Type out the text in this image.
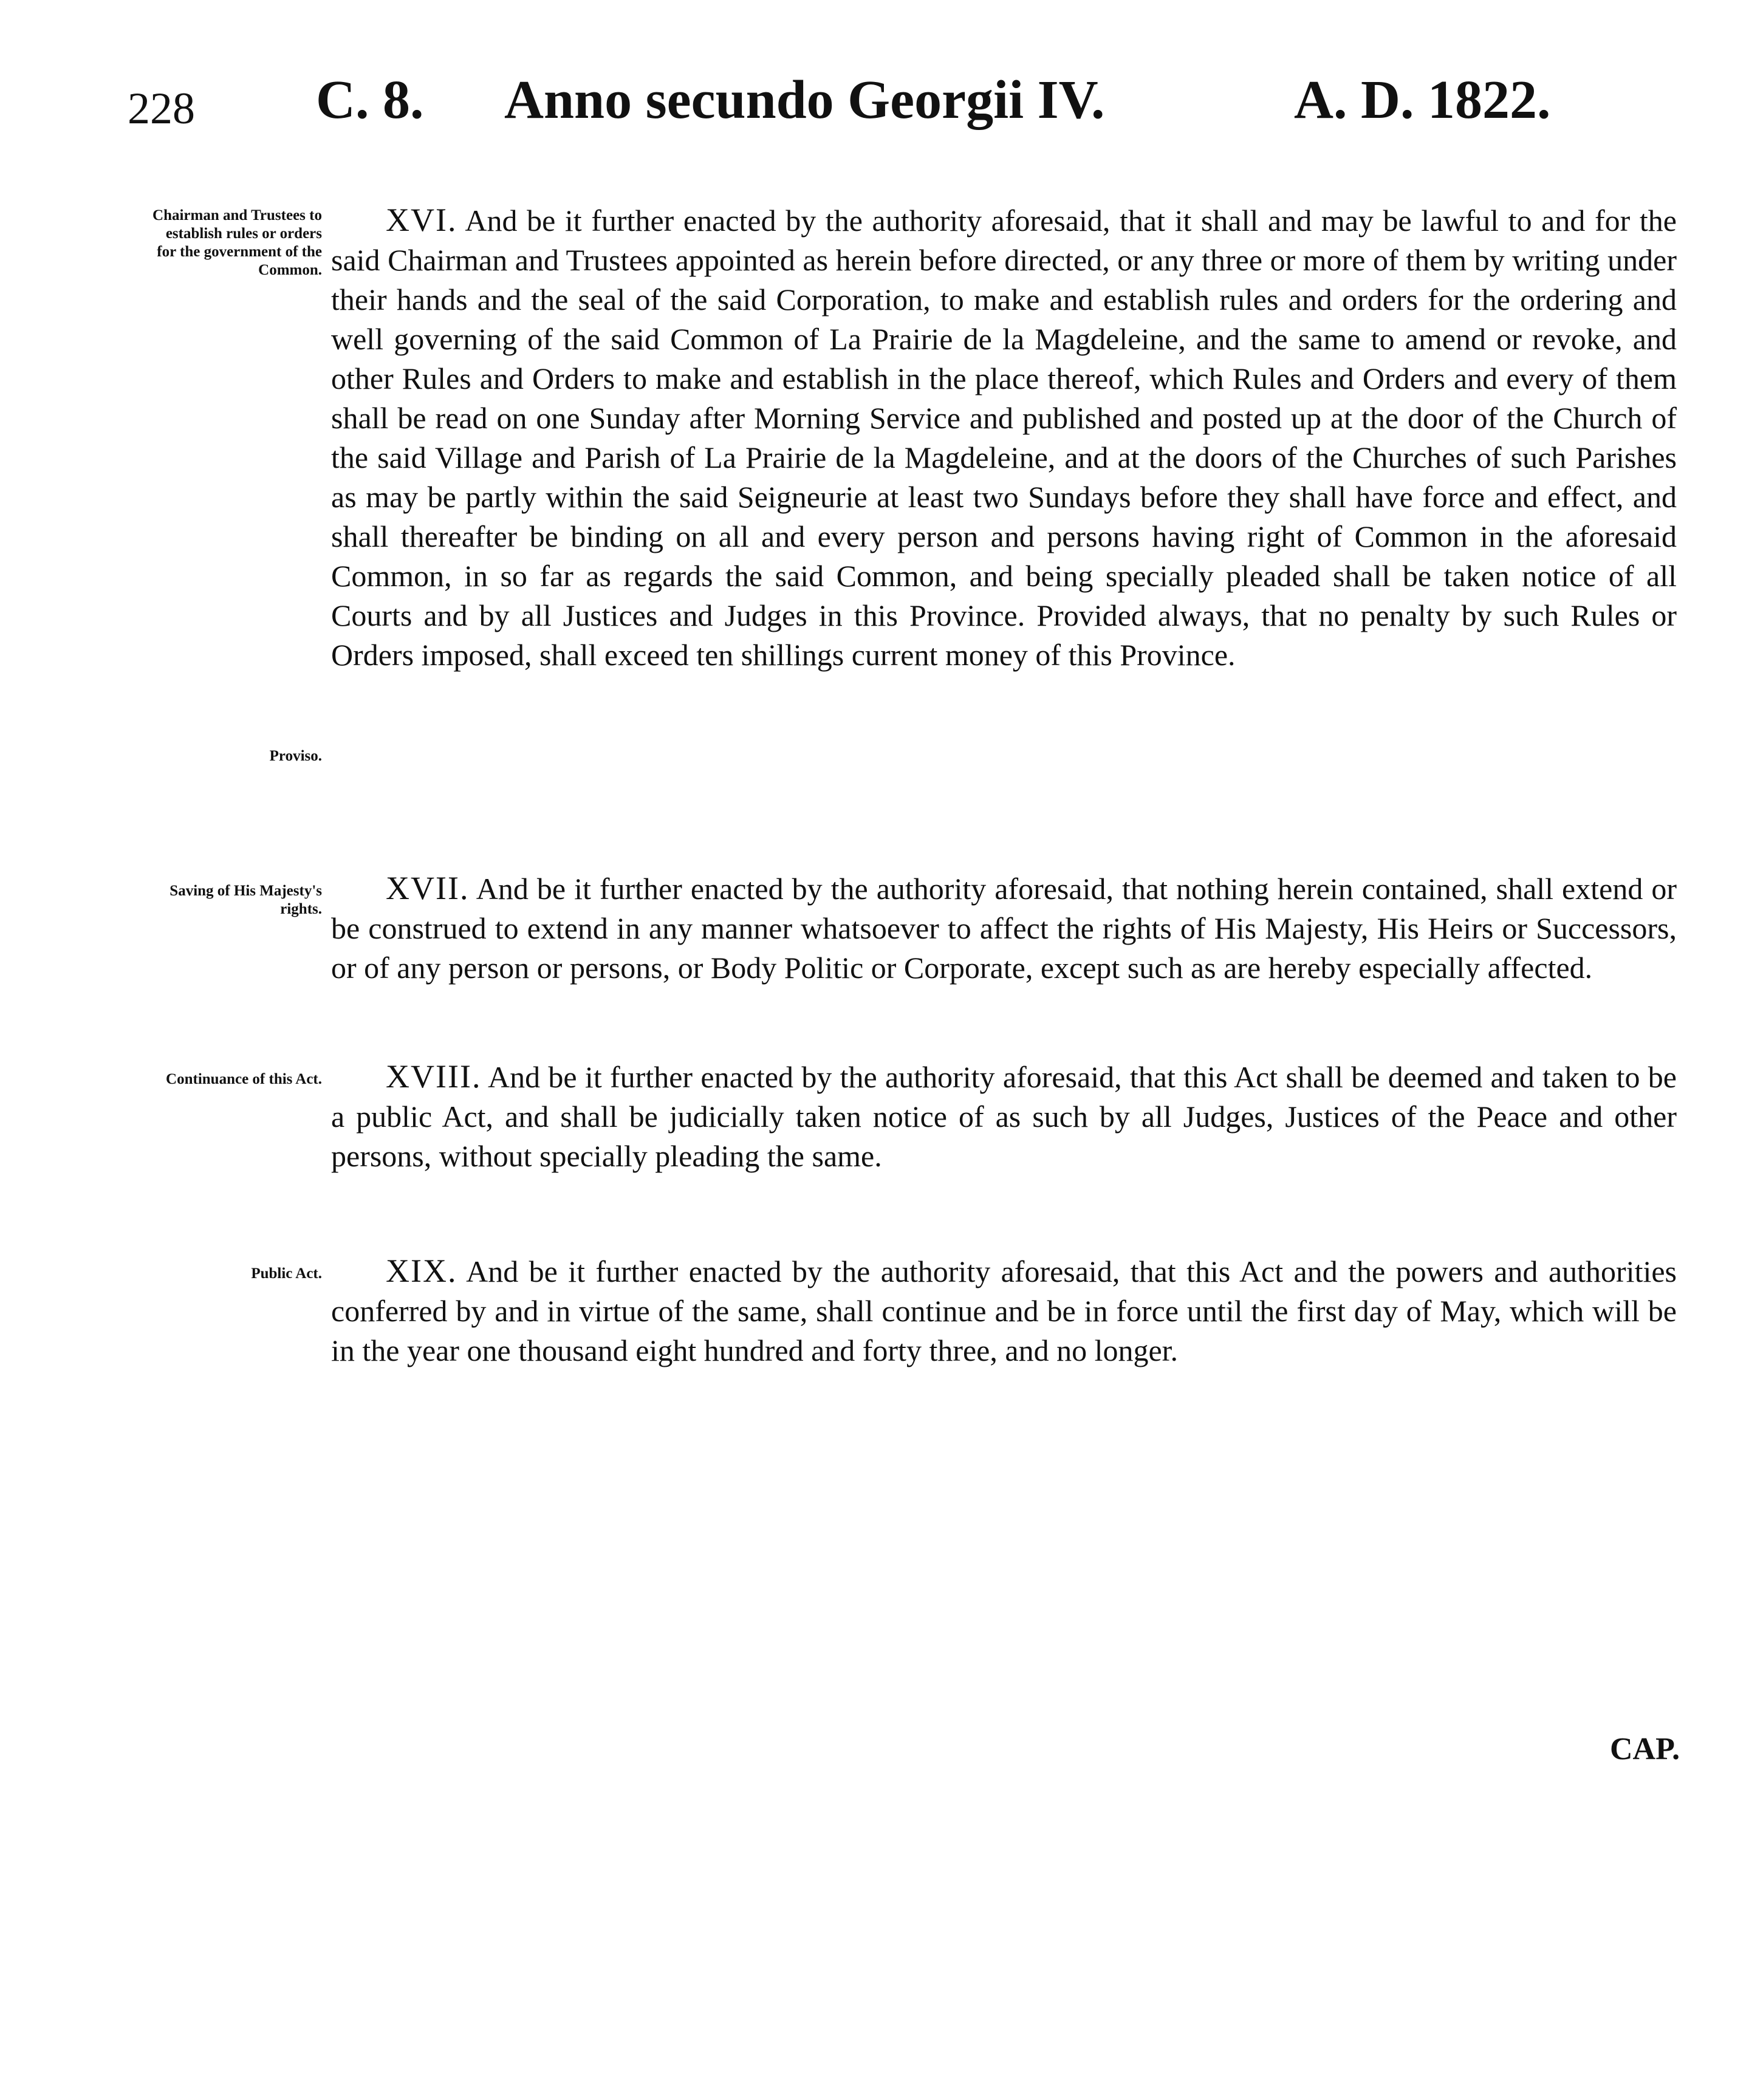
228 C. 8. Anno secundo Georgii IV.	A. D. 1822.
Chairman and Trustees to establish rules or orders for the government of the Common.
XVI. And be it further enacted by the authority aforesaid, that it shall and may be lawful to and for the said Chairman and Trustees appointed as herein before directed, or any three or more of them by writing under their hands and the seal of the said Corporation, to make and establish rules and orders for the ordering and well governing of the said Common of La Prairie de la Magdeleine, and the same to amend or revoke, and other Rules and Orders to make and establish in the place thereof, which Rules and Orders and every of them shall be read on one Sunday after Morning Service and published and posted up at the door of the Church of the said Village and Parish of La Prairie de la Magdeleine, and at the doors of the Churches of such Parishes as may be partly within the said Seigneurie at least two Sundays before they shall have force and effect, and shall thereafter be binding on all and every person and persons having right of Common in the aforesaid Common, in so far as regards the said Common, and being specially pleaded shall be taken notice of all Courts and by all Justices and Judges in this Province. Provided always, that no penalty by such Rules or Orders imposed, shall exceed ten shillings current money of this Province.
Proviso.
Saving of His Majesty's rights.
XVII. And be it further enacted by the authority aforesaid, that nothing herein contained, shall extend or be construed to extend in any manner whatsoever to affect the rights of His Majesty, His Heirs or Successors, or of any person or persons, or Body Politic or Corporate, except such as are hereby especially affected.
Continuance of this Act.	XVIII. And be it further enacted by the authority aforesaid, that this Act shall be deemed and taken to be a public Act, and shall be judicially taken notice of as such by all Judges, Justices of the Peace and other persons, without specially pleading the same.
Public Act.	XIX. And be it further enacted by the authority aforesaid, that this Act and the powers and authorities conferred by and in virtue of the same, shall continue and be in force until the first day of May, which will be in the year one thousand eight hundred and forty three, and no longer.
CAP.
